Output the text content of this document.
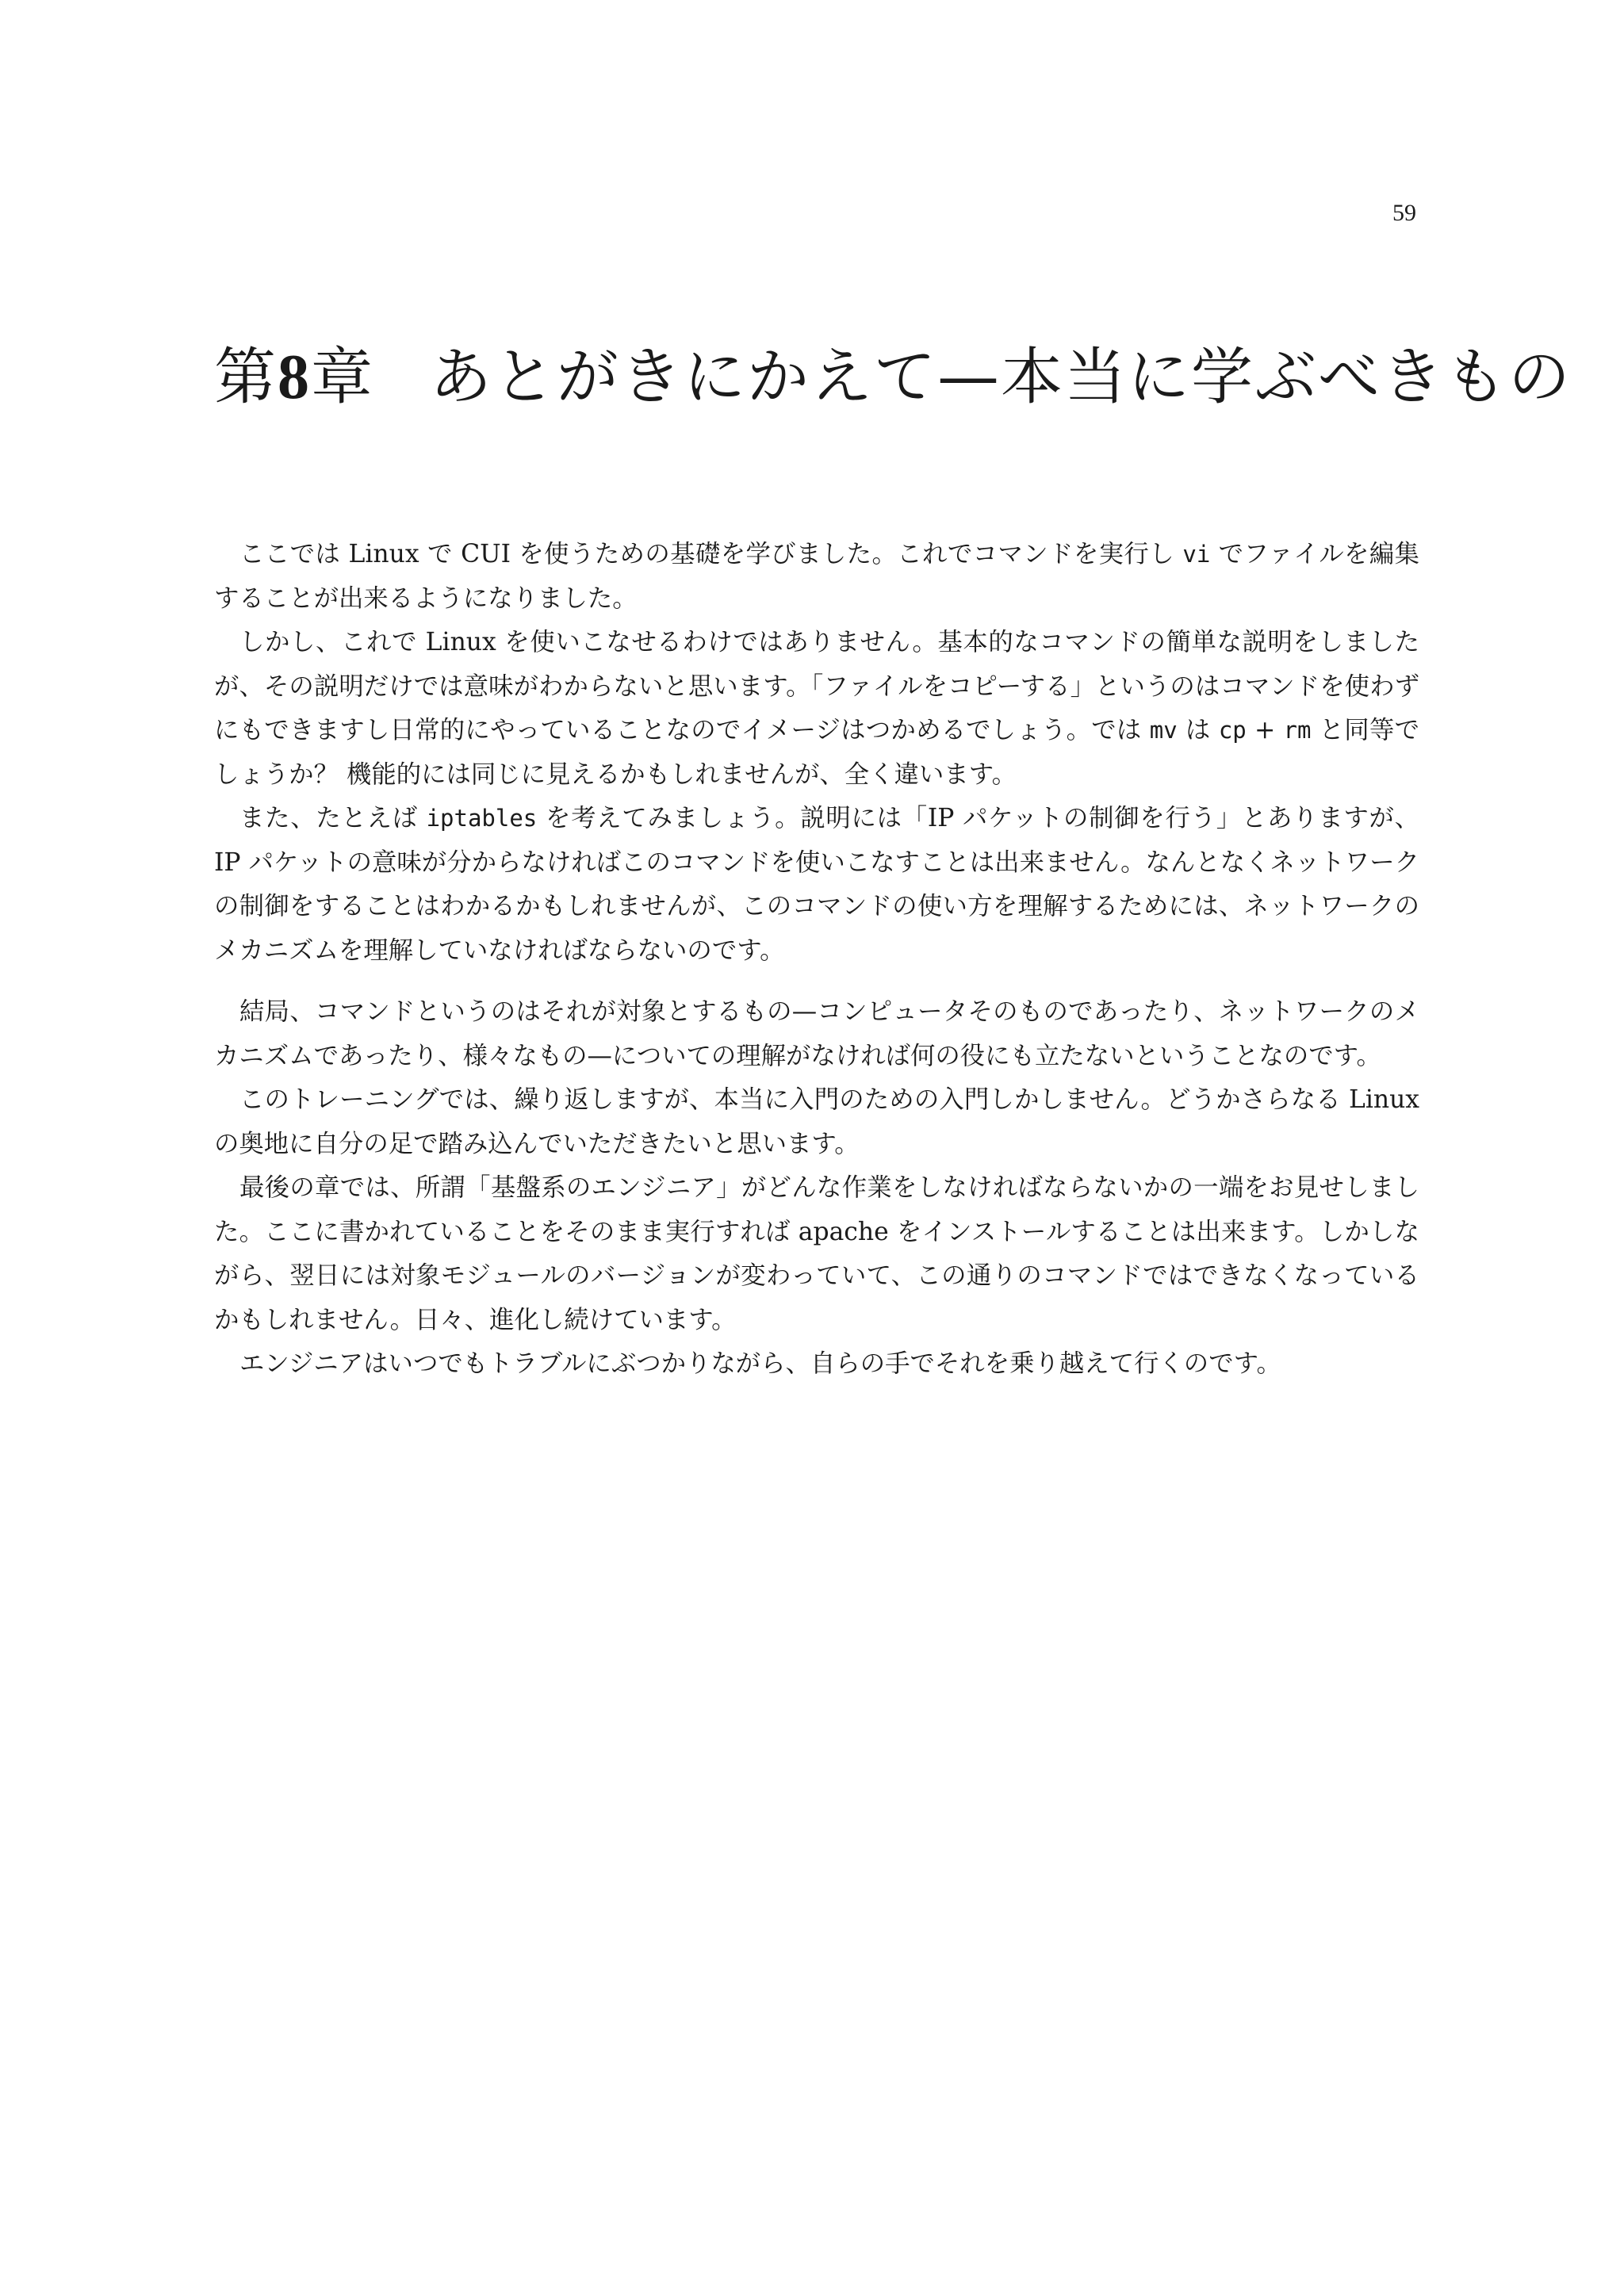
59
第8章 あとがきにかえて—本当に学ぶべきもの

ここでは Linux で CUI を使うための基礎を学びました。これでコマンドを実行し vi でファイルを編集することが出来るようになりました。

しかし、これで Linux を使いこなせるわけではありません。基本的なコマンドの簡単な説明をしましたが、その説明だけでは意味がわからないと思います。「ファイルをコピーする」というのはコマンドを使わずにもできますし日常的にやっていることなのでイメージはつかめるでしょう。では mv は cp + rm と同等でしょうか？ 機能的には同じに見えるかもしれませんが、全く違います。

また、たとえば iptables を考えてみましょう。説明には「IP パケットの制御を行う」とありますが、IP パケットの意味が分からなければこのコマンドを使いこなすことは出来ません。なんとなくネットワークの制御をすることはわかるかもしれませんが、このコマンドの使い方を理解するためには、ネットワークのメカニズムを理解していなければならないのです。

結局、コマンドというのはそれが対象とするもの—コンピュータそのものであったり、ネットワークのメカニズムであったり、様々なもの—についての理解がなければ何の役にも立たないということなのです。

このトレーニングでは、繰り返しますが、本当に入門のための入門しかしません。どうかさらなる Linux の奥地に自分の足で踏み込んでいただきたいと思います。

最後の章では、所謂「基盤系のエンジニア」がどんな作業をしなければならないかの一端をお見せしました。ここに書かれていることをそのまま実行すれば apache をインストールすることは出来ます。しかしながら、翌日には対象モジュールのバージョンが変わっていて、この通りのコマンドではできなくなっているかもしれません。日々、進化し続けています。

エンジニアはいつでもトラブルにぶつかりながら、自らの手でそれを乗り越えて行くのです。
